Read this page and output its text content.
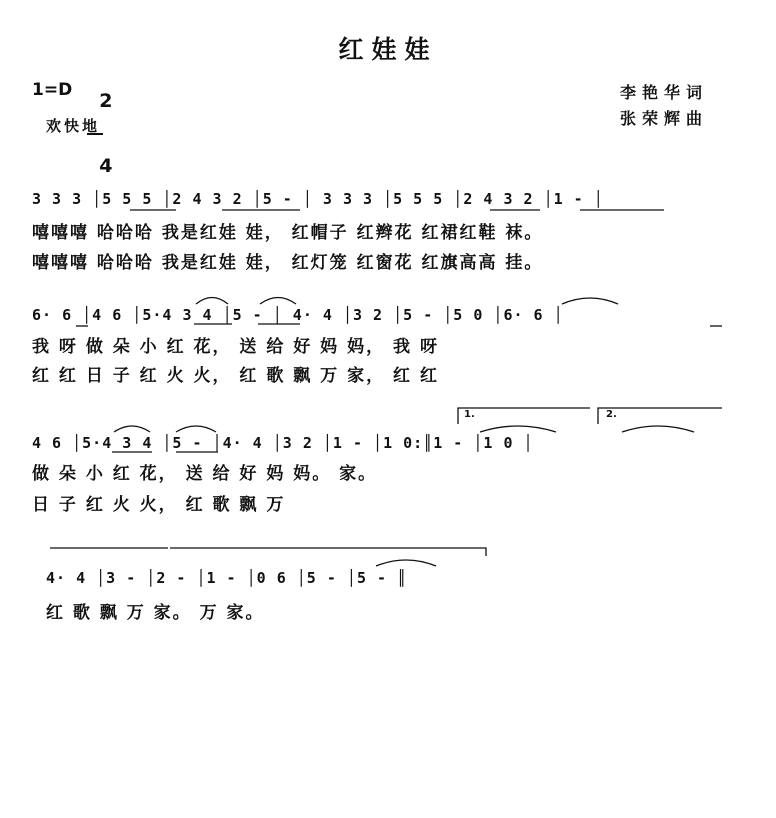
红娃娃
1=D	2

4

欢快地
李艳华词
张荣辉曲
3 3 3 │5 5 5 │2 4 3 2 │5 - │ 3 3 3 │5 5 5 │2 4 3 2 │1 - │
嘻嘻嘻 哈哈哈 我是红娃 娃， 红帽子 红辫花 红裙红鞋 袜。
嘻嘻嘻 哈哈哈 我是红娃 娃， 红灯笼 红窗花 红旗高高 挂。
6· 6 │4 6 │5·4 3 4 │5 - │ 4· 4 │3 2 │5 - │5 0 │6· 6 │
我 呀 做 朵 小 红 花， 送 给 好 妈 妈， 我 呀
红 红 日 子 红 火 火， 红 歌 飘 万 家， 红 红
1.	2.
4 6 │5·4 3 4 │5 - │4· 4 │3 2 │1 - │1 0:║1 - │1 0 │
做 朵 小 红 花， 送 给 好 妈 妈。 家。
日 子 红 火 火， 红 歌 飘 万
4· 4 │3 - │2 - │1 - │0 6 │5 - │5 - ║
红 歌 飘 万 家。 万 家。
